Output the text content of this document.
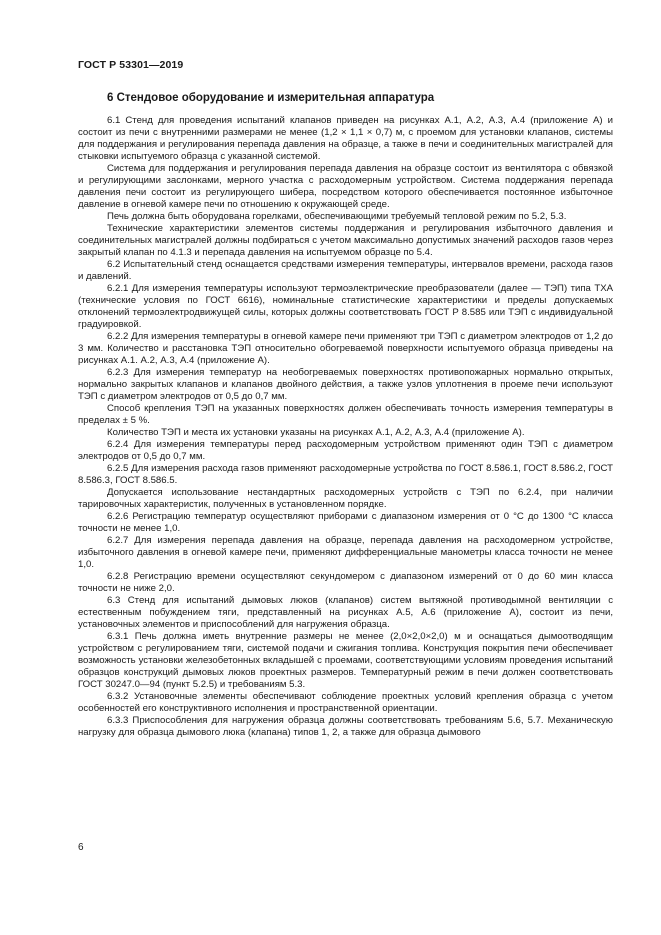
ГОСТ Р 53301—2019
6 Стендовое оборудование и измерительная аппаратура

6.1 Стенд для проведения испытаний клапанов приведен на рисунках А.1, А.2, А.3, А.4 (приложение А) и состоит из печи с внутренними размерами не менее (1,2 × 1,1 × 0,7) м, с проемом для установки клапанов, системы для поддержания и регулирования перепада давления на образце, а также в печи и соединительных магистралей для стыковки испытуемого образца с указанной системой.

Система для поддержания и регулирования перепада давления на образце состоит из вентилятора с обвязкой и регулирующими заслонками, мерного участка с расходомерным устройством. Система поддержания перепада давления печи состоит из регулирующего шибера, посредством которого обеспечивается постоянное избыточное давление в огневой камере печи по отношению к окружающей среде.

Печь должна быть оборудована горелками, обеспечивающими требуемый тепловой режим по 5.2, 5.3.

Технические характеристики элементов системы поддержания и регулирования избыточного давления и соединительных магистралей должны подбираться с учетом максимально допустимых значений расходов газов через закрытый клапан по 4.1.3 и перепада давления на испытуемом образце по 5.4.

6.2 Испытательный стенд оснащается средствами измерения температуры, интервалов времени, расхода газов и давлений.

6.2.1 Для измерения температуры используют термоэлектрические преобразователи (далее — ТЭП) типа ТХА (технические условия по ГОСТ 6616), номинальные статистические характеристики и пределы допускаемых отклонений термоэлектродвижущей силы, которых должны соответствовать ГОСТ Р 8.585 или ТЭП с индивидуальной градуировкой.

6.2.2 Для измерения температуры в огневой камере печи применяют три ТЭП с диаметром электродов от 1,2 до 3 мм. Количество и расстановка ТЭП относительно обогреваемой поверхности испытуемого образца приведены на рисунках А.1. А.2, А.3, А.4 (приложение А).

6.2.3 Для измерения температур на необогреваемых поверхностях противопожарных нормально открытых, нормально закрытых клапанов и клапанов двойного действия, а также узлов уплотнения в проеме печи используют ТЭП с диаметром электродов от 0,5 до 0,7 мм.

Способ крепления ТЭП на указанных поверхностях должен обеспечивать точность измерения температуры в пределах ± 5 %.

Количество ТЭП и места их установки указаны на рисунках А.1, А.2, А.3, А.4 (приложение А).

6.2.4 Для измерения температуры перед расходомерным устройством применяют один ТЭП с диаметром электродов от 0,5 до 0,7 мм.

6.2.5 Для измерения расхода газов применяют расходомерные устройства по ГОСТ 8.586.1, ГОСТ 8.586.2, ГОСТ 8.586.3, ГОСТ 8.586.5.

Допускается использование нестандартных расходомерных устройств с ТЭП по 6.2.4, при наличии тарировочных характеристик, полученных в установленном порядке.

6.2.6 Регистрацию температур осуществляют приборами с диапазоном измерения от 0 °С до 1300 °С класса точности не менее 1,0.

6.2.7 Для измерения перепада давления на образце, перепада давления на расходомерном устройстве, избыточного давления в огневой камере печи, применяют дифференциальные манометры класса точности не менее 1,0.

6.2.8 Регистрацию времени осуществляют секундомером с диапазоном измерений от 0 до 60 мин класса точности не ниже 2,0.

6.3 Стенд для испытаний дымовых люков (клапанов) систем вытяжной противодымной вентиляции с естественным побуждением тяги, представленный на рисунках А.5, А.6 (приложение А), состоит из печи, установочных элементов и приспособлений для нагружения образца.

6.3.1 Печь должна иметь внутренние размеры не менее (2,0×2,0×2,0) м и оснащаться дымоотводящим устройством с регулированием тяги, системой подачи и сжигания топлива. Конструкция покрытия печи обеспечивает возможность установки железобетонных вкладышей с проемами, соответствующими условиям проведения испытаний образцов конструкций дымовых люков проектных размеров. Температурный режим в печи должен соответствовать ГОСТ 30247.0—94 (пункт 5.2.5) и требованиям 5.3.

6.3.2 Установочные элементы обеспечивают соблюдение проектных условий крепления образца с учетом особенностей его конструктивного исполнения и пространственной ориентации.

6.3.3 Приспособления для нагружения образца должны соответствовать требованиям 5.6, 5.7. Механическую нагрузку для образца дымового люка (клапана) типов 1, 2, а также для образца дымового

6
